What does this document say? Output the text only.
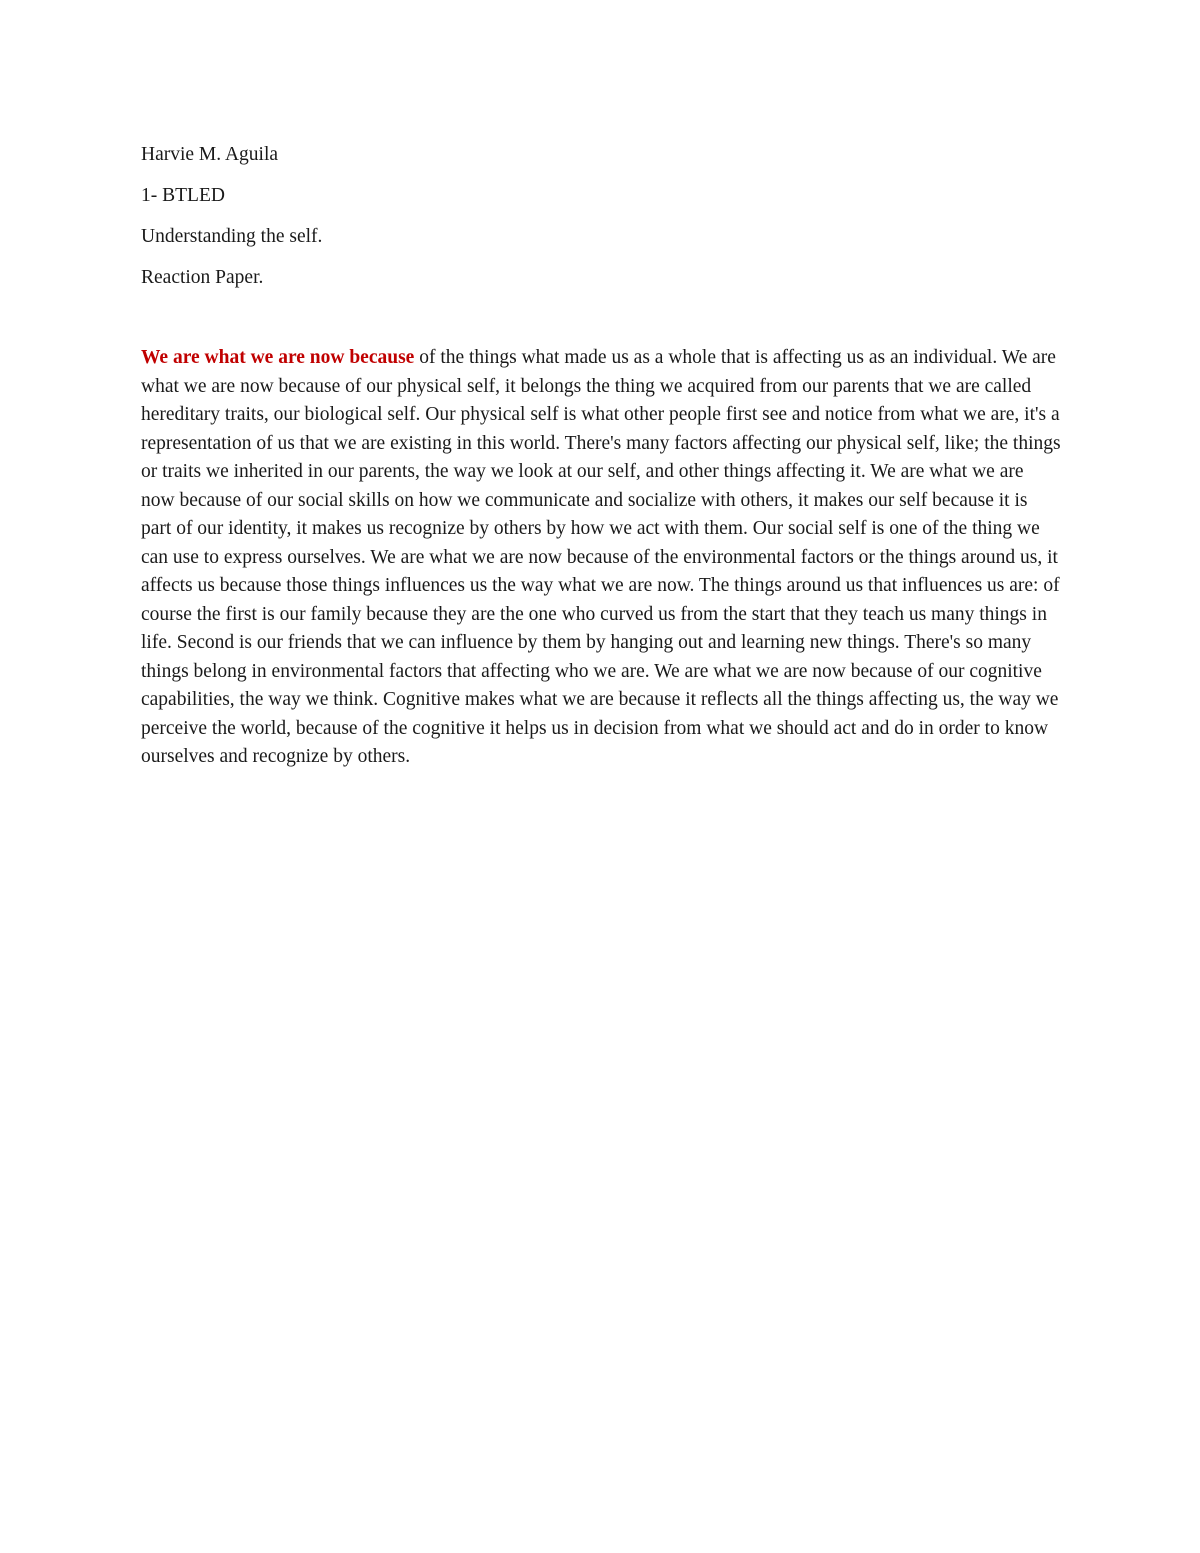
Harvie M. Aguila
1- BTLED
Understanding the self.
Reaction Paper.

We are what we are now because of the things what made us as a whole that is affecting us as an individual. We are what we are now because of our physical self, it belongs the thing we acquired from our parents that we are called hereditary traits, our biological self. Our physical self is what other people first see and notice from what we are, it's a representation of us that we are existing in this world. There's many factors affecting our physical self, like; the things or traits we inherited in our parents, the way we look at our self, and other things affecting it. We are what we are now because of our social skills on how we communicate and socialize with others, it makes our self because it is part of our identity, it makes us recognize by others by how we act with them. Our social self is one of the thing we can use to express ourselves. We are what we are now because of the environmental factors or the things around us, it affects us because those things influences us the way what we are now. The things around us that influences us are: of course the first is our family because they are the one who curved us from the start that they teach us many things in life. Second is our friends that we can influence by them by hanging out and learning new things. There's so many things belong in environmental factors that affecting who we are. We are what we are now because of our cognitive capabilities, the way we think. Cognitive makes what we are because it reflects all the things affecting us, the way we perceive the world, because of the cognitive it helps us in decision from what we should act and do in order to know ourselves and recognize by others.
